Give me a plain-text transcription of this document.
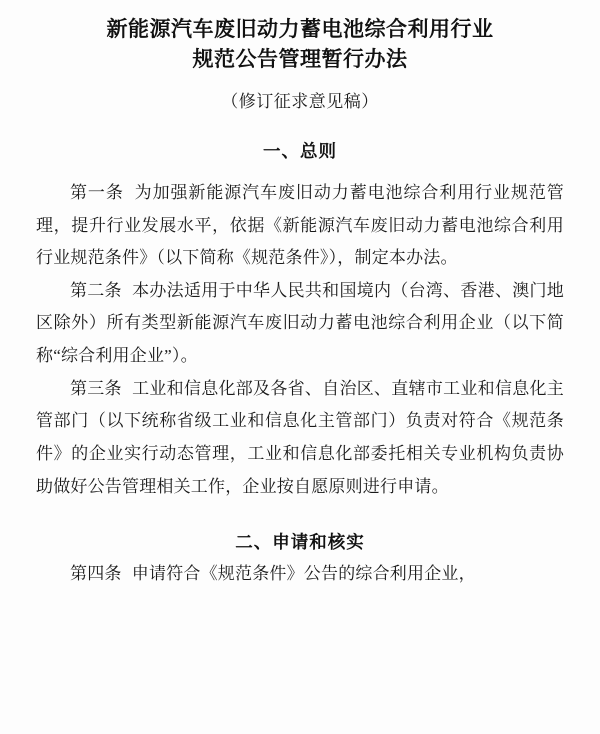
新能源汽车废旧动力蓄电池综合利用行业
规范公告管理暂行办法
（修订征求意见稿）
一、总则

第一条 为加强新能源汽车废旧动力蓄电池综合利用行业规范管理，提升行业发展水平，依据《新能源汽车废旧动力蓄电池综合利用行业规范条件》（以下简称《规范条件》），制定本办法。

第二条 本办法适用于中华人民共和国境内（台湾、香港、澳门地区除外）所有类型新能源汽车废旧动力蓄电池综合利用企业（以下简称“综合利用企业”）。

第三条 工业和信息化部及各省、自治区、直辖市工业和信息化主管部门（以下统称省级工业和信息化主管部门）负责对符合《规范条件》的企业实行动态管理，工业和信息化部委托相关专业机构负责协助做好公告管理相关工作，企业按自愿原则进行申请。

二、申请和核实

第四条 申请符合《规范条件》公告的综合利用企业，
